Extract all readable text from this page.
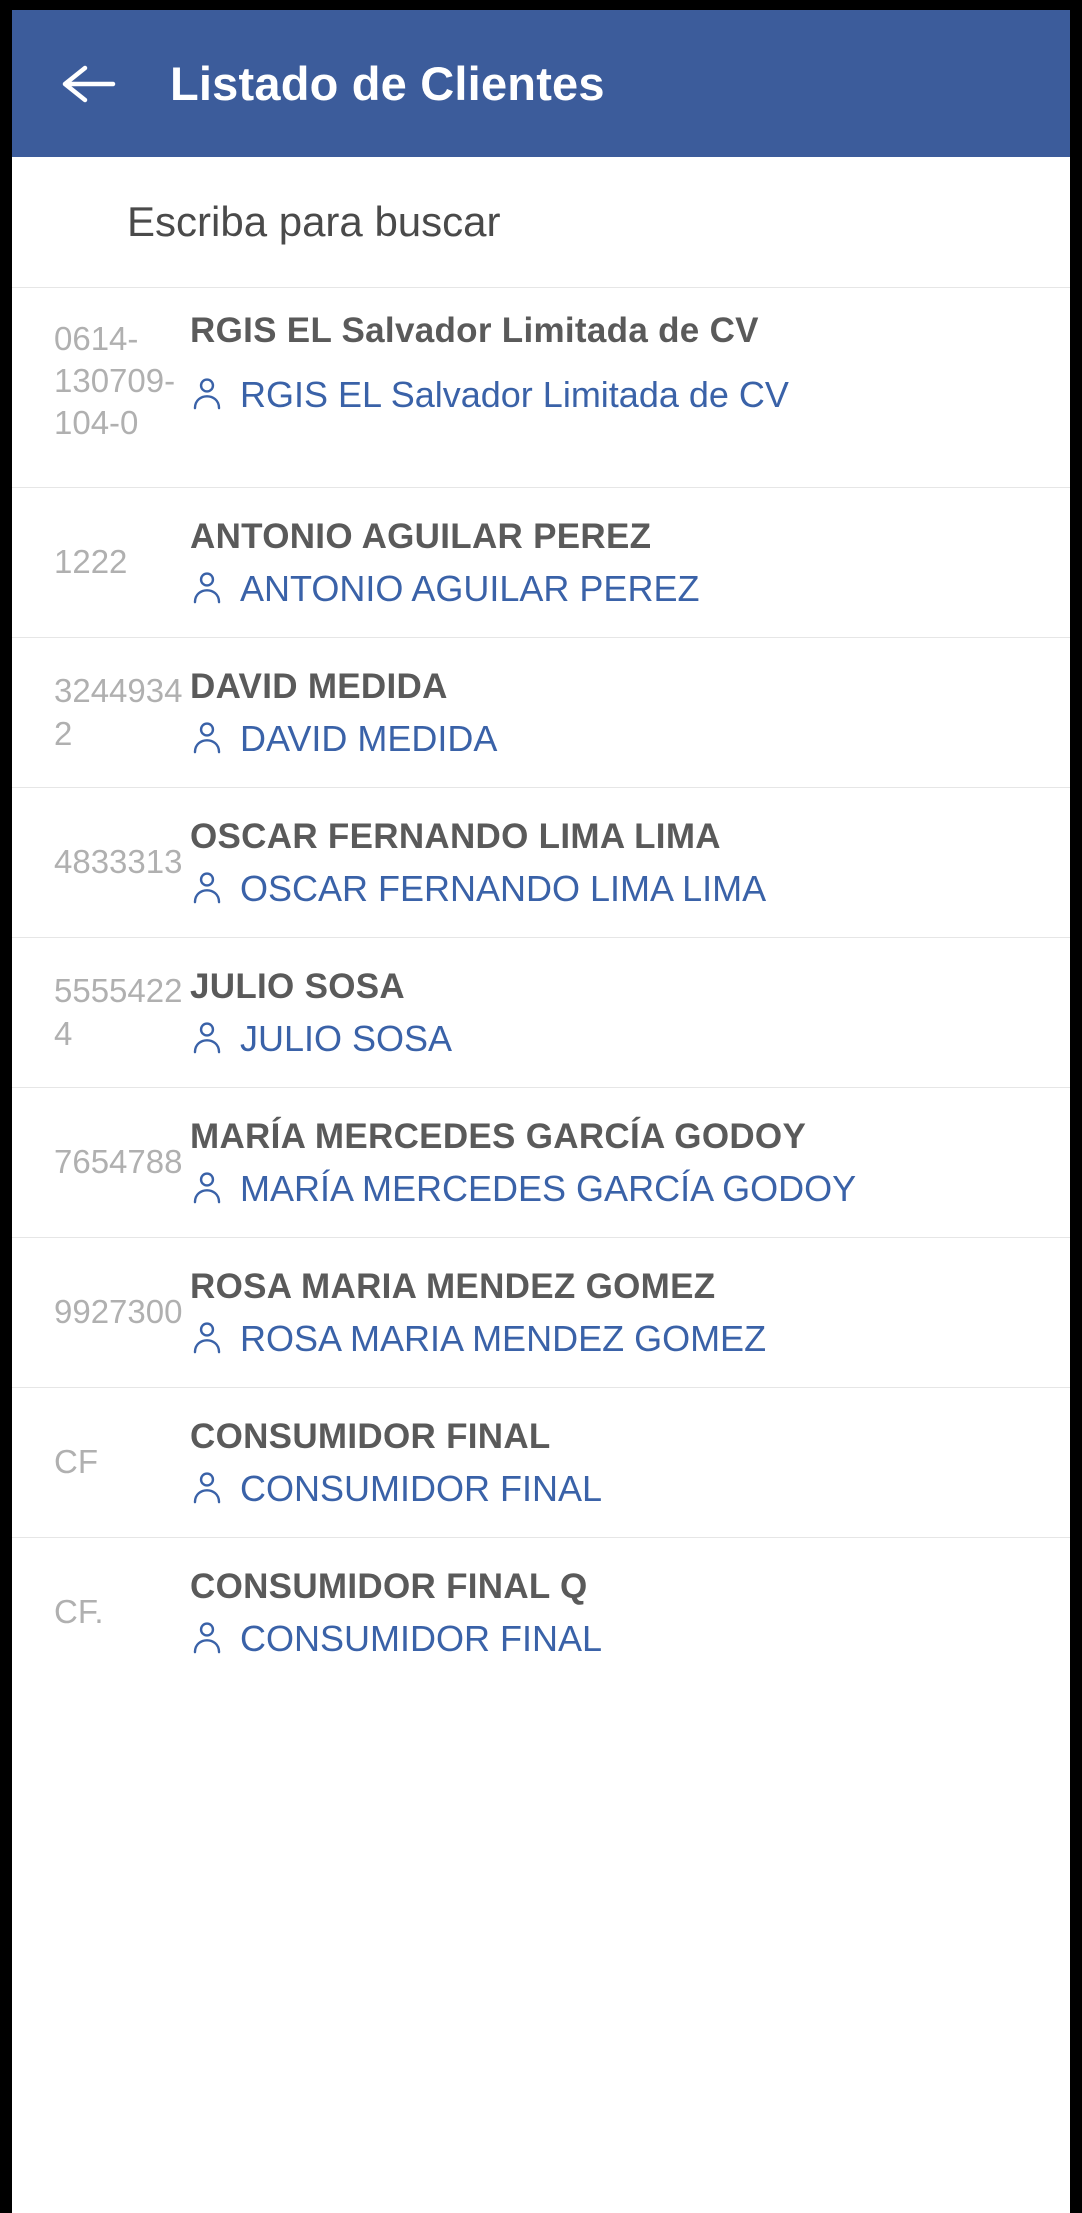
Listado de Clientes
Escriba para buscar
0614-130709-104-0
RGIS EL Salvador Limitada de CV
RGIS EL Salvador Limitada de CV
1222
ANTONIO AGUILAR PEREZ
ANTONIO AGUILAR PEREZ
32449342
DAVID MEDIDA
DAVID MEDIDA
4833313
OSCAR FERNANDO LIMA LIMA
OSCAR FERNANDO LIMA LIMA
55554224
JULIO SOSA
JULIO SOSA
7654788
MARÍA MERCEDES GARCÍA GODOY
MARÍA MERCEDES GARCÍA GODOY
9927300
ROSA MARIA MENDEZ GOMEZ
ROSA MARIA MENDEZ GOMEZ
CF
CONSUMIDOR FINAL
CONSUMIDOR FINAL
CF.
CONSUMIDOR FINAL Q
CONSUMIDOR FINAL
